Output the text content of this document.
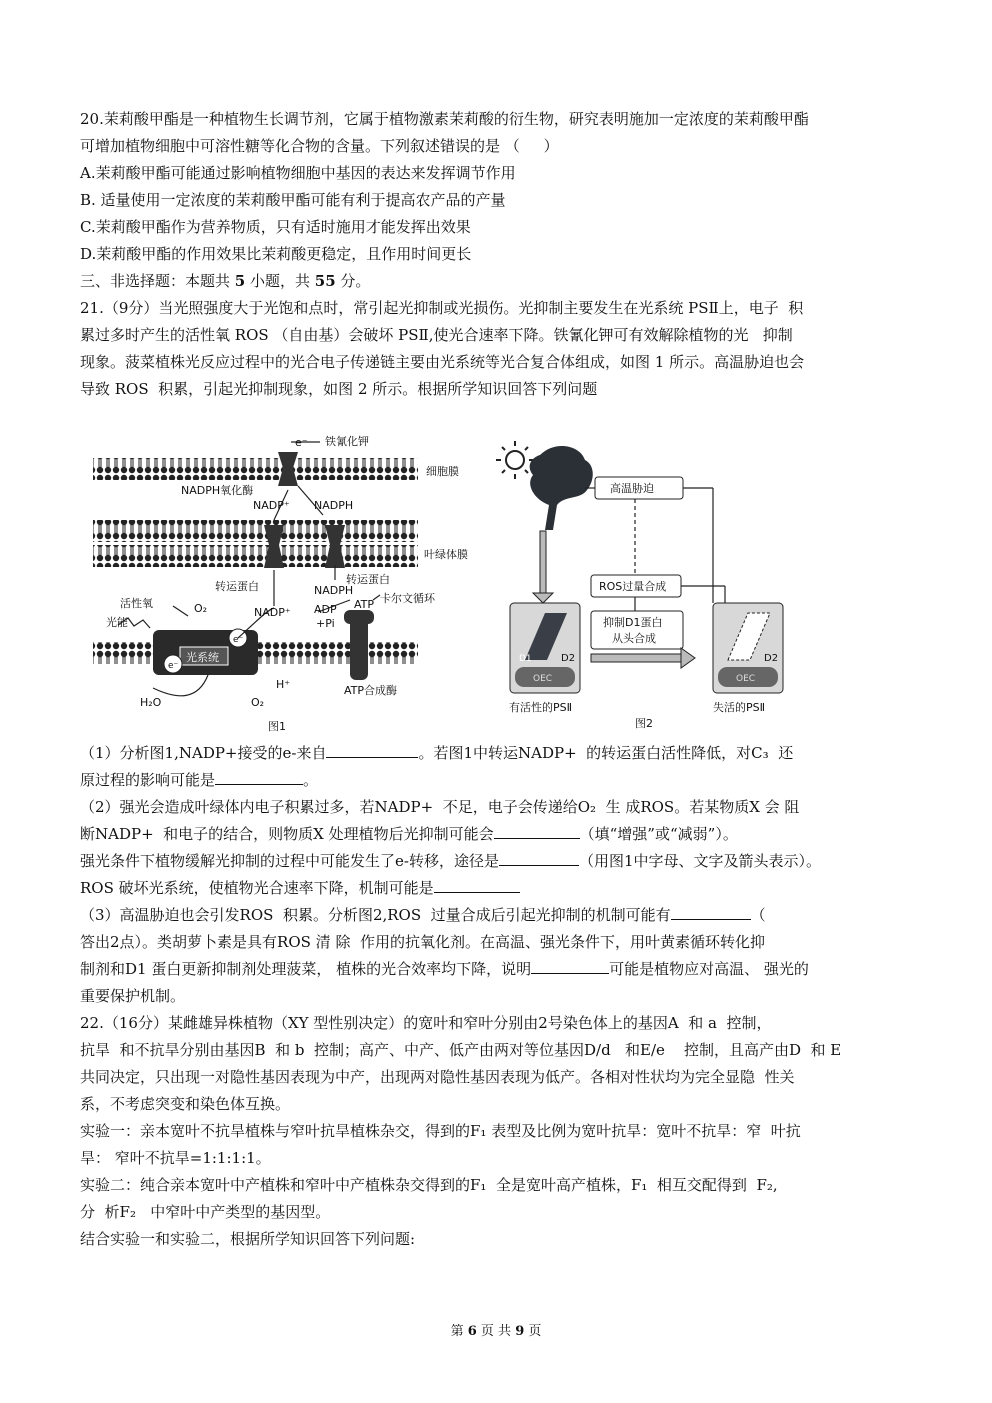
20.茉莉酸甲酯是一种植物生长调节剂，它属于植物激素茉莉酸的衍生物，研究表明施加一定浓度的茉莉酸甲酯
可增加植物细胞中可溶性糖等化合物的含量。下列叙述错误的是 （     ）
A.茉莉酸甲酯可能通过影响植物细胞中基因的表达来发挥调节作用
B. 适量使用一定浓度的茉莉酸甲酯可能有利于提高农产品的产量
C.茉莉酸甲酯作为营养物质，只有适时施用才能发挥出效果
D.茉莉酸甲酯的作用效果比茉莉酸更稳定，且作用时间更长
三、非选择题：本题共 5 小题，共 55 分。
21.（9分）当光照强度大于光饱和点时，常引起光抑制或光损伤。光抑制主要发生在光系统 PSⅡ上，电子  积
累过多时产生的活性氧 ROS （自由基）会破坏 PSⅡ,使光合速率下降。铁氰化钾可有效解除植物的光   抑制
现象。菠菜植株光反应过程中的光合电子传递链主要由光系统等光合复合体组成，如图 1 所示。高温胁迫也会
导致 ROS  积累，引起光抑制现象，如图 2 所示。根据所学知识回答下列问题
e⁻ 铁氰化钾
细胞膜
NADPH氧化酶
NADP⁺ NADPH
叶绿体膜
转运蛋白
转运蛋白
NADPH
卡尔文循环
活性氧	O₂	NADP⁺ ADP
+Pi
ATP
光能
光系统
e⁻
e⁻
H⁺
H₂O	O₂
ATP合成酶
图1
高温胁迫
ROS过量合成
抑制D1蛋白
从头合成
D1	D2
OEC
D2
OEC
有活性的PSⅡ	失活的PSⅡ
图2
（1）分析图1,NADP+接受的e-来自	。若图1中转运NADP+  的转运蛋白活性降低，对C₃  还
原过程的影响可能是	。
（2）强光会造成叶绿体内电子积累过多，若NADP+  不足，电子会传递给O₂  生 成ROS。若某物质X 会 阻
断NADP+  和电子的结合，则物质X 处理植物后光抑制可能会	（填“增强”或“减弱”）。
强光条件下植物缓解光抑制的过程中可能发生了e-转移，途径是	（用图1中字母、文字及箭头表示）。
ROS 破坏光系统，使植物光合速率下降，机制可能是
（3）高温胁迫也会引发ROS  积累。分析图2,ROS  过量合成后引起光抑制的机制可能有	（
答出2点）。类胡萝卜素是具有ROS 清 除  作用的抗氧化剂。在高温、强光条件下，用叶黄素循环转化抑
制剂和D1 蛋白更新抑制剂处理菠菜， 植株的光合效率均下降，说明	可能是植物应对高温、 强光的
重要保护机制。
22.（16分）某雌雄异株植物（XY 型性别决定）的宽叶和窄叶分别由2号染色体上的基因A  和 a  控制，
抗旱  和不抗旱分别由基因B  和 b  控制；高产、中产、低产由两对等位基因D/d   和E/e    控制，且高产由D  和 E
共同决定，只出现一对隐性基因表现为中产，出现两对隐性基因表现为低产。各相对性状均为完全显隐  性关
系，不考虑突变和染色体互换。
实验一：亲本宽叶不抗旱植株与窄叶抗旱植株杂交，得到的F₁ 表型及比例为宽叶抗旱：宽叶不抗旱：窄  叶抗
旱： 窄叶不抗旱=1:1:1:1。
实验二：纯合亲本宽叶中产植株和窄叶中产植株杂交得到的F₁  全是宽叶高产植株，F₁  相互交配得到  F₂,
分  析F₂   中窄叶中产类型的基因型。
结合实验一和实验二，根据所学知识回答下列问题:
第 6 页 共 9 页
